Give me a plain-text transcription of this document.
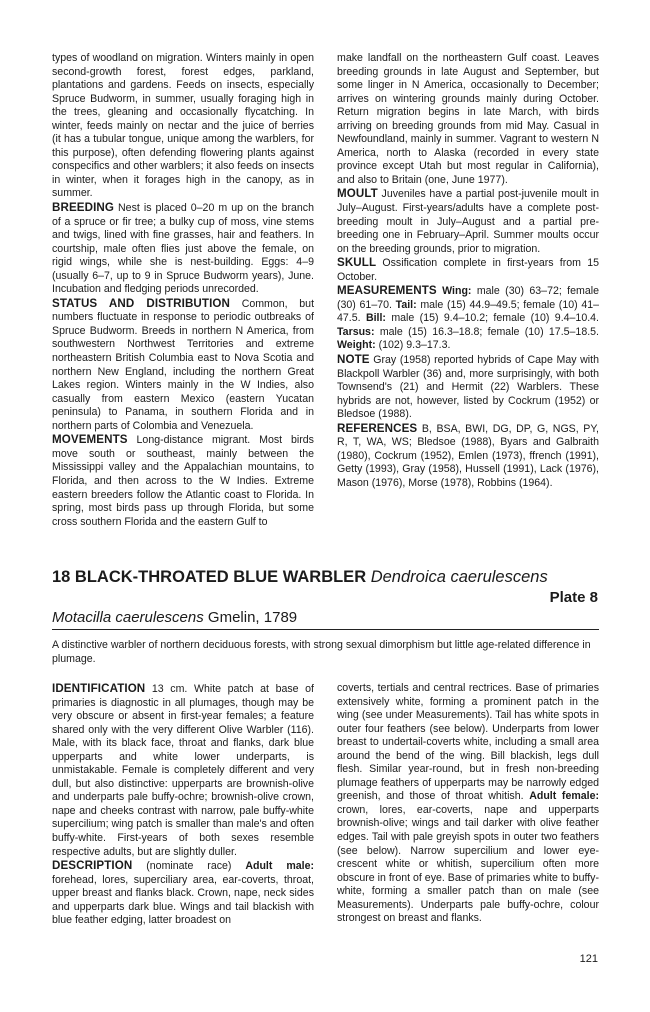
types of woodland on migration. Winters mainly in open second-growth forest, forest edges, parkland, plantations and gardens. Feeds on insects, especially Spruce Budworm, in summer, usually foraging high in the trees, gleaning and occasionally flycatching. In winter, feeds mainly on nectar and the juice of berries (it has a tubular tongue, unique among the warblers, for this purpose), often defending flowering plants against conspecifics and other warblers; it also feeds on insects in winter, when it forages high in the canopy, as in summer.

BREEDING Nest is placed 0–20 m up on the branch of a spruce or fir tree; a bulky cup of moss, vine stems and twigs, lined with fine grasses, hair and feathers. In courtship, male often flies just above the female, on rigid wings, while she is nest-building. Eggs: 4–9 (usually 6–7, up to 9 in Spruce Budworm years), June. Incubation and fledging periods unrecorded.

STATUS AND DISTRIBUTION Common, but numbers fluctuate in response to periodic outbreaks of Spruce Budworm. Breeds in northern N America, from southwestern Northwest Territories and extreme northeastern British Columbia east to Nova Scotia and northern New England, including the northern Great Lakes region. Winters mainly in the W Indies, also casually from eastern Mexico (eastern Yucatan peninsula) to Panama, in southern Florida and in northern parts of Colombia and Venezuela.

MOVEMENTS Long-distance migrant. Most birds move south or southeast, mainly between the Mississippi valley and the Appalachian mountains, to Florida, and then across to the W Indies. Extreme eastern breeders follow the Atlantic coast to Florida. In spring, most birds pass up through Florida, but some cross southern Florida and the eastern Gulf to

make landfall on the northeastern Gulf coast. Leaves breeding grounds in late August and September, but some linger in N America, occasionally to December; arrives on wintering grounds mainly during October. Return migration begins in late March, with birds arriving on breeding grounds from mid May. Casual in Newfoundland, mainly in summer. Vagrant to western N America, north to Alaska (recorded in every state province except Utah but most regular in California), and also to Britain (one, June 1977).

MOULT Juveniles have a partial post-juvenile moult in July–August. First-years/adults have a complete post-breeding moult in July–August and a partial pre-breeding one in February–April. Summer moults occur on the breeding grounds, prior to migration.

SKULL Ossification complete in first-years from 15 October.

MEASUREMENTS Wing: male (30) 63–72; female (30) 61–70. Tail: male (15) 44.9–49.5; female (10) 41–47.5. Bill: male (15) 9.4–10.2; female (10) 9.4–10.4. Tarsus: male (15) 16.3–18.8; female (10) 17.5–18.5. Weight: (102) 9.3–17.3.

NOTE Gray (1958) reported hybrids of Cape May with Blackpoll Warbler (36) and, more surprisingly, with both Townsend's (21) and Hermit (22) Warblers. These hybrids are not, however, listed by Cockrum (1952) or Bledsoe (1988).

REFERENCES B, BSA, BWI, DG, DP, G, NGS, PY, R, T, WA, WS; Bledsoe (1988), Byars and Galbraith (1980), Cockrum (1952), Emlen (1973), ffrench (1991), Getty (1993), Gray (1958), Hussell (1991), Lack (1976), Mason (1976), Morse (1978), Robbins (1964).

18 BLACK-THROATED BLUE WARBLER Dendroica caerulescens
Plate 8
Motacilla caerulescens Gmelin, 1789
A distinctive warbler of northern deciduous forests, with strong sexual dimorphism but little age-related difference in plumage.

IDENTIFICATION 13 cm. White patch at base of primaries is diagnostic in all plumages, though may be very obscure or absent in first-year females; a feature shared only with the very different Olive Warbler (116). Male, with its black face, throat and flanks, dark blue upperparts and white lower underparts, is unmistakable. Female is completely different and very dull, but also distinctive: upperparts are brownish-olive and underparts pale buffy-ochre; brownish-olive crown, nape and cheeks contrast with narrow, pale buffy-white supercilium; wing patch is smaller than male's and often buffy-white. First-years of both sexes resemble respective adults, but are slightly duller.

DESCRIPTION (nominate race) Adult male: forehead, lores, superciliary area, ear-coverts, throat, upper breast and flanks black. Crown, nape, neck sides and upperparts dark blue. Wings and tail blackish with blue feather edging, latter broadest on

coverts, tertials and central rectrices. Base of primaries extensively white, forming a prominent patch in the wing (see under Measurements). Tail has white spots in outer four feathers (see below). Underparts from lower breast to undertail-coverts white, including a small area around the bend of the wing. Bill blackish, legs dull flesh. Similar year-round, but in fresh non-breeding plumage feathers of upperparts may be narrowly edged greenish, and those of throat whitish. Adult female: crown, lores, ear-coverts, nape and upperparts brownish-olive; wings and tail darker with olive feather edges. Tail with pale greyish spots in outer two feathers (see below). Narrow supercilium and lower eye-crescent white or whitish, supercilium often more obscure in front of eye. Base of primaries white to buffy-white, forming a smaller patch than on male (see Measurements). Underparts pale buffy-ochre, colour strongest on breast and flanks.

121
